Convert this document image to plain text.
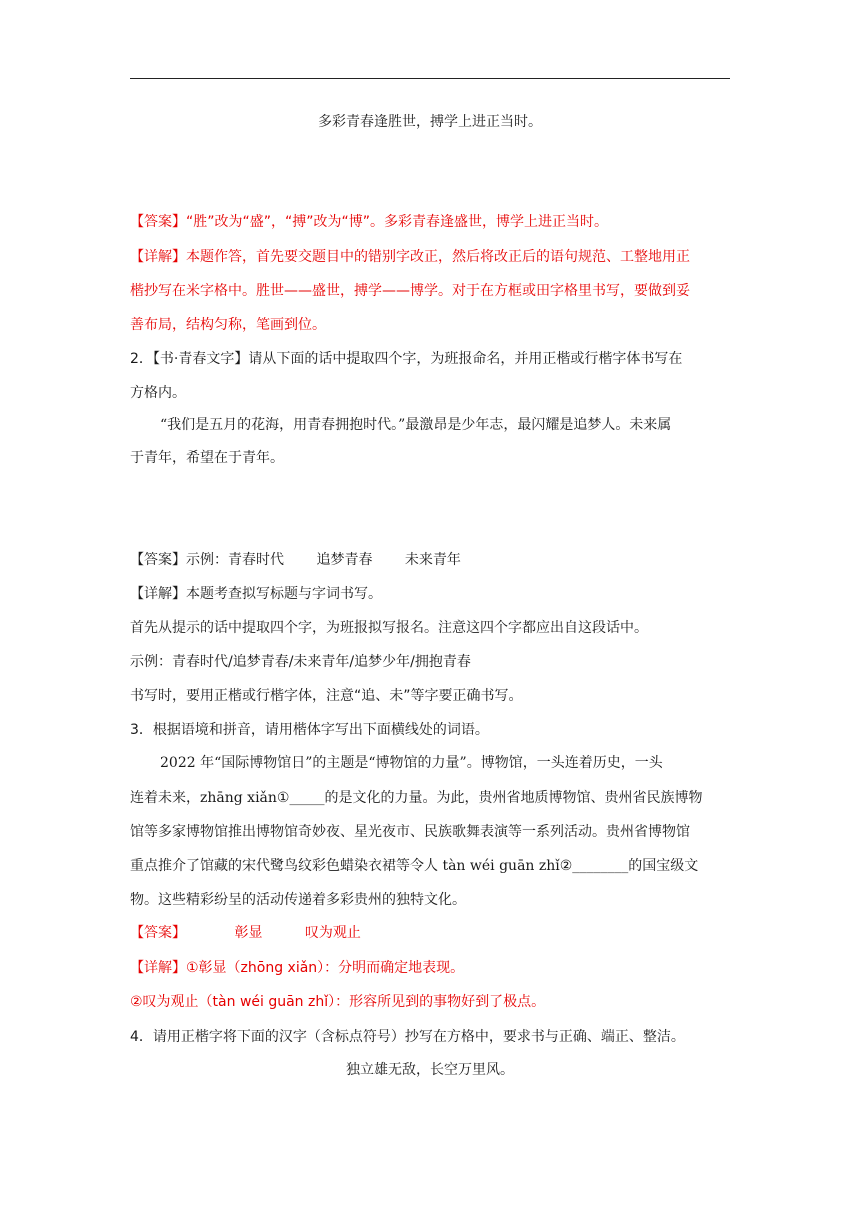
多彩青春逢胜世，搏学上进正当时。
【答案】“胜”改为“盛”，“搏”改为“博”。多彩青春逢盛世，博学上进正当时。
【详解】本题作答，首先要交题目中的错别字改正，然后将改正后的语句规范、工整地用正
楷抄写在米字格中。胜世——盛世，搏学——博学。对于在方框或田字格里书写，要做到妥
善布局，结构匀称，笔画到位。
2．【书·青春文字】请从下面的话中提取四个字，为班报命名，并用正楷或行楷字体书写在
方格内。
“我们是五月的花海，用青春拥抱时代。”最激昂是少年志，最闪耀是追梦人。未来属
于青年，希望在于青年。
【答案】示例：青春时代 追梦青春 未来青年
【详解】本题考查拟写标题与字词书写。
首先从提示的话中提取四个字，为班报拟写报名。注意这四个字都应出自这段话中。
示例：青春时代/追梦青春/未来青年/追梦少年/拥抱青春
书写时，要用正楷或行楷字体，注意“追、未”等字要正确书写。
3．根据语境和拼音，请用楷体字写出下面横线处的词语。
2022 年“国际博物馆日”的主题是“博物馆的力量”。博物馆，一头连着历史，一头
连着未来，zhāng xiǎn①_____的是文化的力量。为此，贵州省地质博物馆、贵州省民族博物
馆等多家博物馆推出博物馆奇妙夜、星光夜市、民族歌舞表演等一系列活动。贵州省博物馆
重点推介了馆藏的宋代鹭鸟纹彩色蜡染衣裙等令人 tàn wéi guān zhǐ②________的国宝级文
物。这些精彩纷呈的活动传递着多彩贵州的独特文化。
【答案】	彰显	叹为观止
【详解】①彰显（zhōng xiǎn）：分明而确定地表现。
②叹为观止（tàn wéi guān zhǐ）：形容所见到的事物好到了极点。
4．请用正楷字将下面的汉字（含标点符号）抄写在方格中，要求书与正确、端正、整洁。
独立雄无敌，长空万里风。
